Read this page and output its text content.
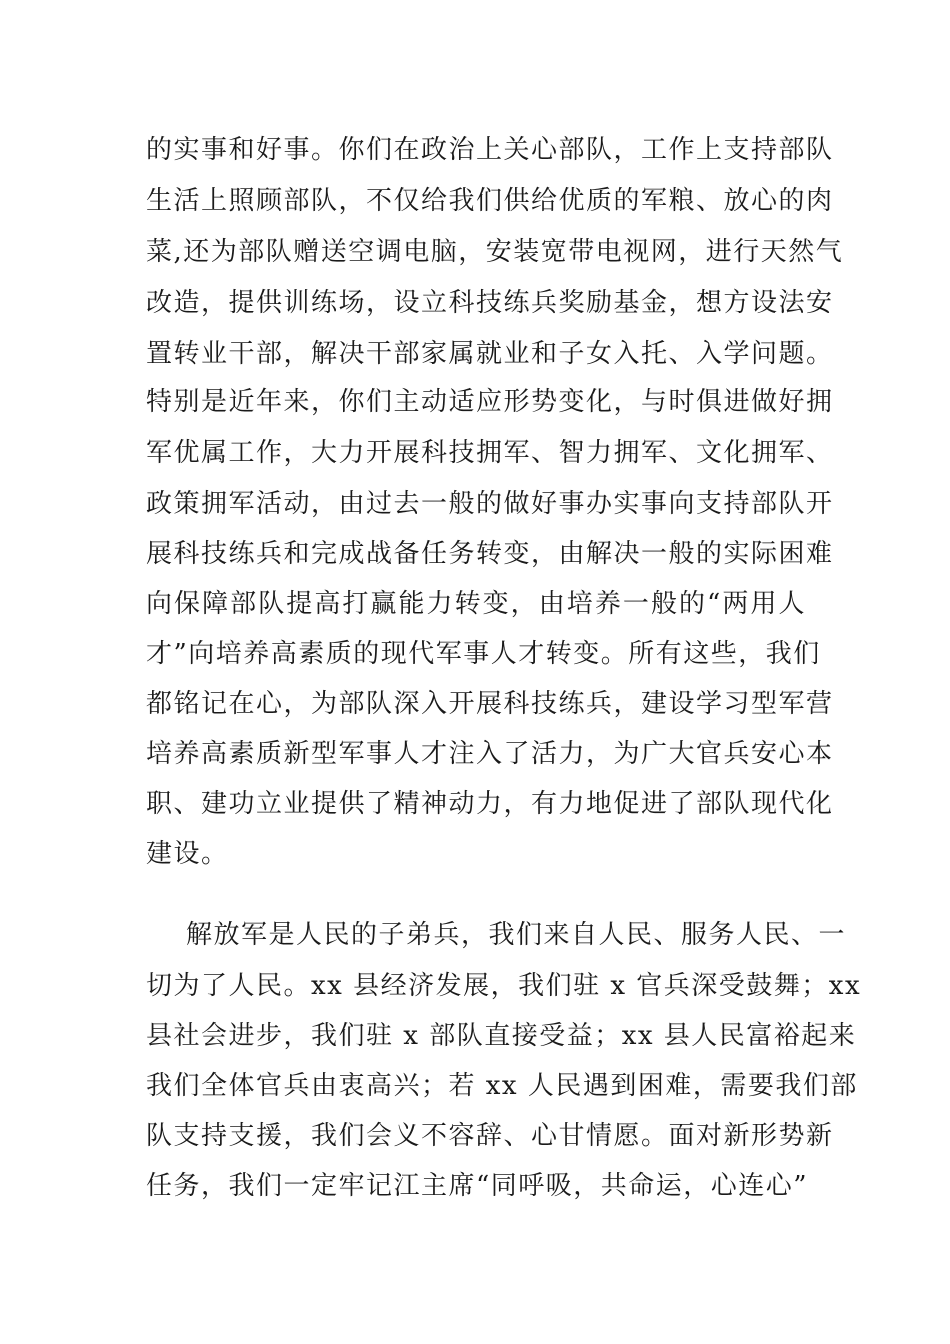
的实事和好事。你们在政治上关心部队，工作上支持部队
生活上照顾部队，不仅给我们供给优质的军粮、放心的肉
菜,还为部队赠送空调电脑，安装宽带电视网，进行天然气
改造，提供训练场，设立科技练兵奖励基金，想方设法安
置转业干部，解决干部家属就业和子女入托、入学问题。
特别是近年来，你们主动适应形势变化，与时俱进做好拥
军优属工作，大力开展科技拥军、智力拥军、文化拥军、
政策拥军活动，由过去一般的做好事办实事向支持部队开
展科技练兵和完成战备任务转变，由解决一般的实际困难
向保障部队提高打赢能力转变，由培养一般的“两用人
才”向培养高素质的现代军事人才转变。所有这些，我们
都铭记在心，为部队深入开展科技练兵，建设学习型军营
培养高素质新型军事人才注入了活力，为广大官兵安心本
职、建功立业提供了精神动力，有力地促进了部队现代化
建设。
解放军是人民的子弟兵，我们来自人民、服务人民、一
切为了人民。xx 县经济发展，我们驻 x 官兵深受鼓舞；xx
县社会进步，我们驻 x 部队直接受益；xx 县人民富裕起来
我们全体官兵由衷高兴；若 xx 人民遇到困难，需要我们部
队支持支援，我们会义不容辞、心甘情愿。面对新形势新
任务，我们一定牢记江主席“同呼吸，共命运，心连心”
